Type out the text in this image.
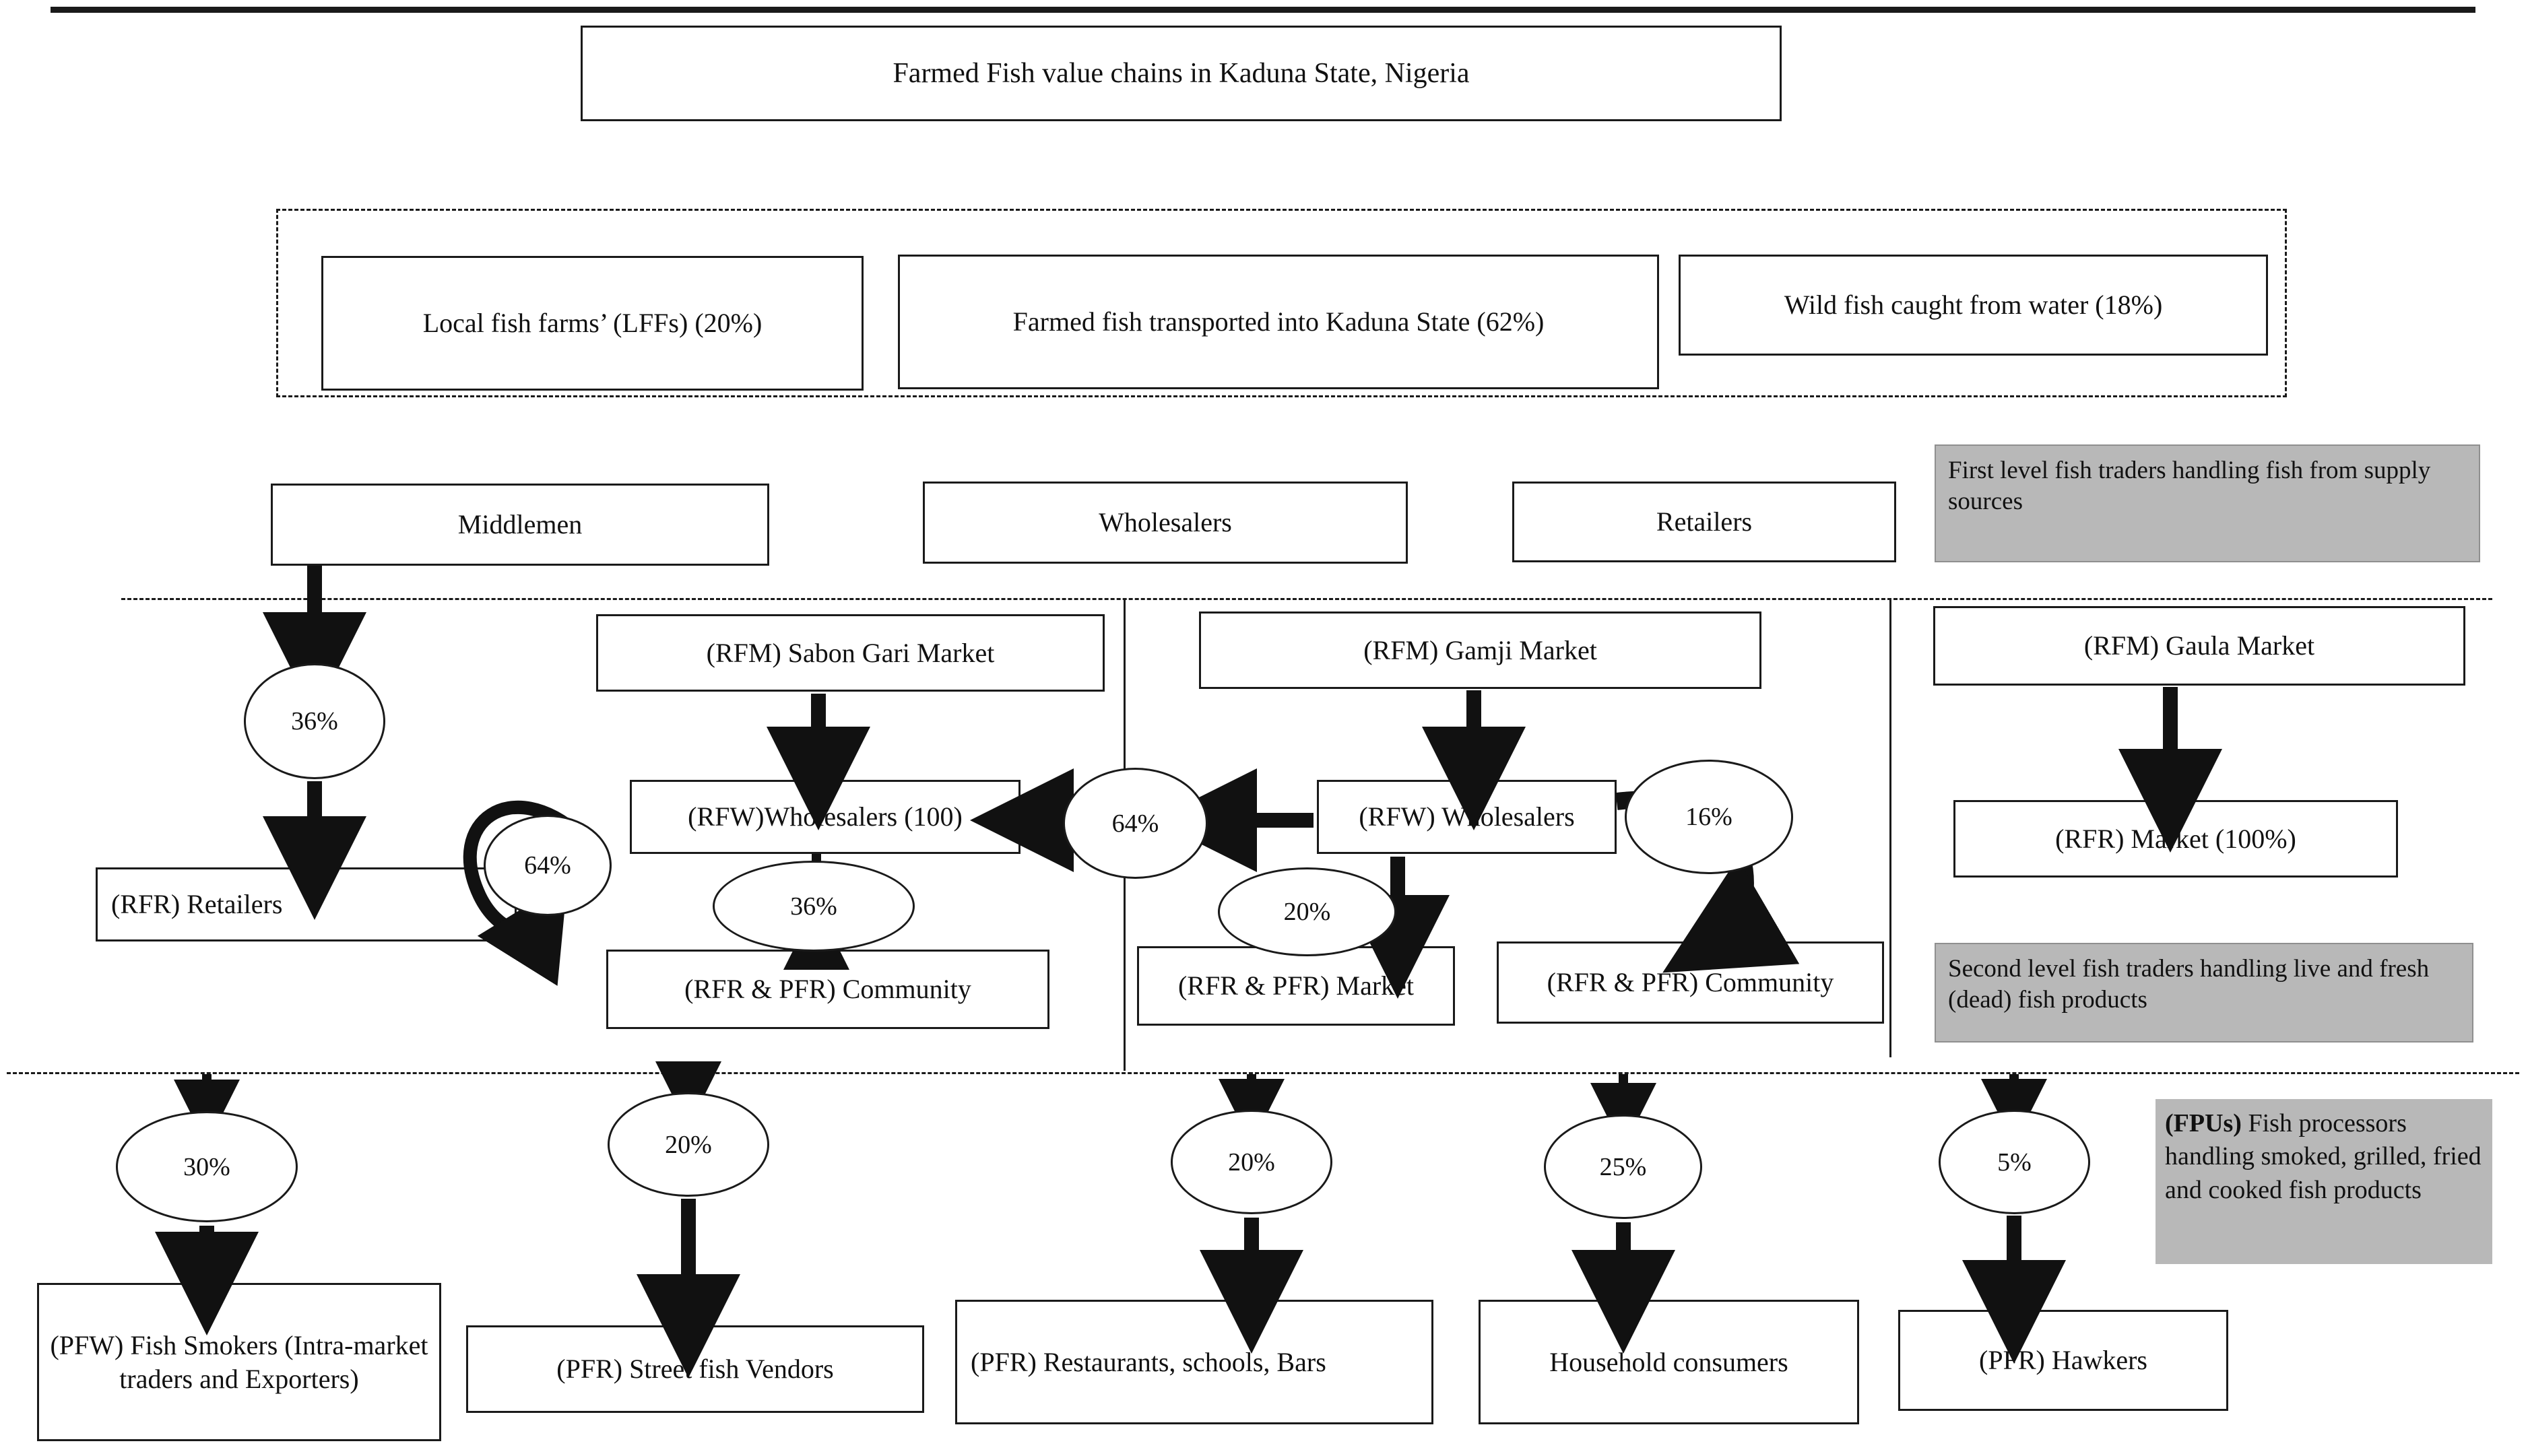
Farmed Fish value chains in Kaduna State, Nigeria
Local fish farms’ (LFFs) (20%)	Farmed fish transported into Kaduna State (62%)
Wild fish caught from water (18%)
Middlemen	Wholesalers	Retailers
First level fish traders handling fish from supply sources
(RFM) Sabon Gari Market	(RFM) Gamji Market	(RFM) Gaula Market
(RFW)Wholesalers (100)	(RFW) Wholesalers
(RFR) Retailers
(RFR) Market (100%)
(RFR & PFR) Community	(RFR & PFR) Market	(RFR & PFR) Community	Second level fish traders handling live and fresh (dead) fish products
(FPUs) Fish processors handling smoked, grilled, fried and cooked fish products
(PFW) Fish Smokers (Intra-market traders and Exporters)	(PFR) Street fish Vendors	(PFR) Restaurants, schools, Bars	Household consumers	(PFR) Hawkers
36%
64%
36%
64%
20%
16%
30%
20%
20%	25%	5%
